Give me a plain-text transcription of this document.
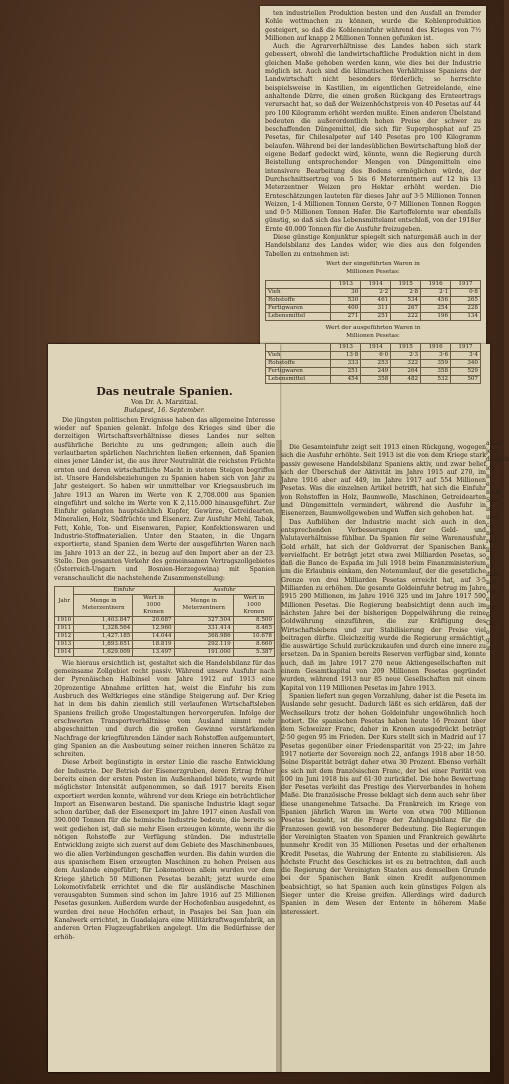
ten industriellen Produktion besten und den Ausfall an fremder Kohle wettmachen zu können, wurde die Kohlenproduktion gesteigert, so daß die Kohleneinfuhr während des Krieges von 7½ Millionen auf knapp 2 Millionen Tonnen gefunken ist.

Auch die Agrarverhältnisse des Landes haben sich stark gebessert, obwohl die landwirtschaftliche Produktion nicht in dem gleichen Maße gehoben werden kann, wie dies bei der Industrie möglich ist. Auch sind die klimatischen Verhältnisse Spaniens der Landwirtschaft nicht besonders förderlich; so herrschte beispielsweise in Kastilien, im eigentlichen Getreidelande, eine anhaltende Dürre, die einen großen Rückgang des Ernteertrags verursacht hat, so daß der Weizenhöchstpreis von 40 Pesetas auf 44 pro 100 Kilogramm erhöht werden mußte. Einen anderen Übelstand bedeuten die außerordentlich hohen Preise der schwer zu beschaffenden Düngemittel, die sich für Superphosphat auf 25 Pesetas, für Chilesalpeter auf 140 Pesetas pro 100 Kilogramm belaufen. Während bei der landesüblichen Bewirtschaftung bloß der eigene Bedarf gedeckt wird, könnte, wenn die Regierung durch Beistellung entsprechender Mengen von Düngemitteln eine intensivere Bearbeitung des Bodens ermöglichen würde, der Durchschnittsertrag von 5 bis 6 Meterzentnern auf 12 bis 13 Meterzentner Weizen pro Hektar erhöht werden. Die Ernteschätzungen lauteten für dieses Jahr auf 3·5 Millionen Tonnen Weizen, 1·4 Millionen Tonnen Gerste, 0·7 Millionen Tonnen Roggen und 0·5 Millionen Tonnen Hafer. Die Kartoffelernte war ebenfalls günstig, so daß sich das Lebensmittelamt entschloß, von der 1918er Ernte 40.000 Tonnen für die Ausfuhr freizugeben.

Diese günstige Konjunktur spiegelt sich naturgemäß auch in der Handelsbilanz des Landes wider, wie dies aus den folgenden Tabellen zu entnehmen ist:

Wert der eingeführten Waren in
Millionen Pesetas:
	1913	1914	1915	1916	1917
Vieh	30	2·2	2·8	2·1	0·8
Rohstoffe	530	461	534	456	265
Fertigwaren	400	311	267	254	228
Lebensmittel	271	251	222	196	134
Wert der ausgeführten Waren in
Millionen Pesetas:
	1913	1914	1915	1916	1917
Vieh	13·8	6·0	2·3	3·6	3·4
Rohstoffe	333	253	322	359	340
Fertigwaren	251	249	264	358	529
Lebensmittel	454	358	482	532	507
Das neutrale Spanien.
Von Dr. A. Marzitzal.
Budapest, 16. September.

Die jüngsten politischen Ereignisse haben das allgemeine Interesse wieder auf Spanien gelenkt. Infolge des Krieges sind über die derzeitigen Wirtschaftsverhältnisse dieses Landes nur selten ausführliche Berichte zu uns gedrungen; allein auch die verlautbarten spärlichen Nachrichten ließen erkennen, daß Spanien eines jener Länder ist, die aus ihrer Neutralität die reichsten Früchte ernten und deren wirtschaftliche Macht in stetem Steigen begriffen ist. Unsere Handelsbeziehungen zu Spanien haben sich von Jahr zu Jahr gesteigert. So haben wir unmittelbar vor Kriegsausbruch im Jahre 1913 an Waren im Werte von K 2,708.000 aus Spanien eingeführt und solche im Werte von K 2,115.000 hinausgeführt. Zur Einfuhr gelangten hauptsächlich Kupfer, Gewürze, Getreidearten, Mineralien, Holz, Südfrüchte und Eisenerz. Zur Ausfuhr Mehl, Tabak, Fett, Kohle, Ton- und Eisenwaren, Papier, Konfektionswaren und Industrie-Stoffmaterialien. Unter den Staaten, in die Ungarn exportierte, stand Spanien dem Werte der ausgeführten Waren nach im Jahre 1913 an der 22., in bezug auf den Import aber an der 23. Stelle. Den gesamten Verkehr des gemeinsamen Vertragszollgebietes (Österreich-Ungarn und Bosnien-Herzegowina) mit Spanien veranschaulicht die nachstehende Zusammenstellung:

Jahr	Einfuhr		Ausfuhr	
	Menge in Meterzentnern	Wert in 1000 Kronen	Menge in Meterzentnern	Wert in 1000 Kronen
1910	1,403.847	20.687	327.504	8.500
1911	1,328.564	12.960	331.414	8.465
1912	1,427.185	14.044	368.986	10.678
1913	1,893.651	18.819	292.119	8.660
1914	1,629.009	13.497	191.000	5.387

Wie hieraus ersichtlich ist, gestaltet sich die Handelsbilanz für das gemeinsame Zollgebiet recht passiv. Während unsere Ausfuhr nach der Pyrenäischen Halbinsel vom Jahre 1912 auf 1913 eine 20prozentige Abnahme erlitten hat, weist die Einfuhr bis zum Ausbruch des Weltkrieges eine ständige Steigerung auf. Der Krieg hat in dem bis dahin ziemlich still verlaufenen Wirtschaftsleben Spaniens freilich große Umgestaltungen hervorgerufen. Infolge der erschwerten Transportverhältnisse vom Ausland nimmt mehr abgeschnitten und durch die großen Gewinne verstärkenden Nachfrage der kriegführenden Länder nach Rohstoffen aufgemuntert, ging Spanien an die Ausbeutung seiner reichen inneren Schätze zu schreiten.

Diese Arbeit begünstigte in erster Linie die rasche Entwicklung der Industrie. Der Betrieb der Eisenerzgruben, deren Ertrag früher bereits einen der ersten Posten im Außenhandel bildete, wurde mit möglichster Intensität aufgenommen, so daß 1917 bereits Eisen exportiert werden konnte, während vor dem Kriege ein beträchtlicher Import an Eisenwaren bestand. Die spanische Industrie klagt sogar schon darüber, daß der Eisenexport im Jahre 1917 einen Ausfall von 390.000 Tonnen für die heimische Industrie bedeute, die bereits so weit gediehen ist, daß sie mehr Eisen erzeugen könnte, wenn ihr die nötigen Rohstoffe zur Verfügung stünden. Die industrielle Entwicklung zeigte sich zuerst auf dem Gebiete des Maschinenbaues, wo die allen Verbindungen geschaffen wurden. Bis dahin wurden die aus spanischem Eisen erzeugten Maschinen zu hohen Preisen aus dem Auslande eingeführt; für Lokomotiven allein wurden vor dem Kriege jährlich 50 Millionen Pesetas bezahlt; jetzt wurde eine Lokomotivfabrik errichtet und die für ausländische Maschinen verausgabten Summen sind schon im Jahre 1916 auf 25 Millionen Pesetas gesunken. Außerdem wurde der Hochofenbau ausgedehnt, es wurden drei neue Hochöfen erbaut, in Pasajes bei San Juan ein Kanalwerk errichtet, in Guadalajara eine Militärkraftwagenfabrik, an anderen Orten Flugzeugfabriken angelegt. Um die Bedürfnisse der erhöh-

Die Gesamteinfuhr zeigt seit 1913 einen Rückgang, wogegen sich die Ausfuhr erhöhte. Seit 1913 ist die von dem Kriege stark passiv gewesene Handelsbilanz Spaniens aktiv, und zwar belief sich der Überschuß der Aktivität im Jahre 1915 auf 270, im Jahre 1916 aber auf 449, im Jahre 1917 auf 554 Millionen Pesetas. Was die einzelnen Artikel betrifft, hat sich die Einfuhr von Rohstoffen in Holz, Baumwolle, Maschinen, Getreidearten und Düngemitteln vermindert, während die Ausfuhr in Eisenerzen, Baumwollgeweben und Waffen sich gehoben hat.

Das Aufblühen der Industrie macht sich auch in den entsprechenden Verbesserungen der Geld- und Valutaverhältnisse fühlbar. Da Spanien für seine Warenausfuhr Gold erhält, hat sich der Goldvorrat der Spanischen Bank vervielfacht. Er beträgt jetzt etwa zwei Milliarden Pesetas, so daß die Banco de España im Juli 1918 beim Finanzministerium um die Erlaubnis einkam, den Notenumlauf, der die gesetzliche Grenze von drei Milliarden Pesetas erreicht hat, auf 3·5 Milliarden zu erhöhen. Die gesamte Goldeinfuhr betrug im Jahre 1915 290 Millionen, im Jahre 1916 325 und im Jahre 1917 590 Millionen Pesetas. Die Regierung beabsichtigt denn auch im nächsten Jahre bei der bisherigen Doppelwährung die reine Goldwährung einzuführen, die zur Kräftigung des Wirtschaftslebens und zur Stabilisierung der Preise viel beitragen dürfte. Gleichzeitig wurde die Regierung ermächtigt, die auswärtige Schuld zurückzukaufen und durch eine innere zu ersetzen. Da in Spanien bereits Reserven verfügbar sind, konnte auch, daß im Jahre 1917 270 neue Aktiengesellschaften mit einem Gesamtkapital von 209 Millionen Pesetas gegründet wurden, während 1913 nur 85 neue Gesellschaften mit einem Kapital von 119 Millionen Pesetas im Jahre 1913.

Spanien liefert nun gegen Vorzahlung, daher ist die Peseta im Auslande sehr gesucht. Dadurch läßt es sich erklären, daß der Wechselkurs trotz der hohen Goldeinfuhr ungewöhnlich hoch notiert. Die spanischen Pesetas haben heute 16 Prozent über dem Schweizer Franc, daher in Kronen ausgedrückt beträgt 2·50 gegen 95 im Frieden. Der Kurs stellt sich in Madrid auf 17 Pesetas gegenüber einer Friedensparität von 25·22; im Jahre 1917 notierte der Sovereign noch 22, anfangs 1918 aber 18·50. Seine Disparität beträgt daher etwa 30 Prozent. Ebenso verhält es sich mit dem französischen Franc, der bei einer Parität von 100 im Juni 1918 bis auf 61·30 zurückfiel. Die hohe Bewertung der Pesetas verleiht das Prestige des Vierverbandes in hohem Maße. Die französische Presse beklagt sich denn auch sehr über diese unangenehme Tatsache. Da Frankreich im Kriege von Spanien jährlich Waren im Werte von etwa 700 Millionen Pesetas bezieht, ist die Frage der Zahlungsbilanz für die Franzosen gewiß von besonderer Bedeutung. Die Regierungen der Vereinigten Staaten von Spanien und Frankreich gewährte nunmehr Kredit von 35 Millionen Pesetas und der erhaltenen Kredit Pesetas, die Wahrung der Entente zu stabilisieren. Als höchste Frucht des Geschickes ist es zu betrachten, daß auch die Regierung der Vereinigten Staaten aus demselben Grunde bei der Spanischen Bank einen Kredit aufgenommen beabsichtigt, so hat Spanien auch kein günstiges Folgen als Sieger unter die Kreise greifen. Allerdings wird dadurch Spanien in dem Wesen der Entente in höherem Maße interessiert.

ation
jetzt
dereich
ich
n
er
mehr
Spa-
ist
und
ch
nit
ren
lig
ein
en
iten
nes
ver
ei
ing
6:
Ge
o
g
in
